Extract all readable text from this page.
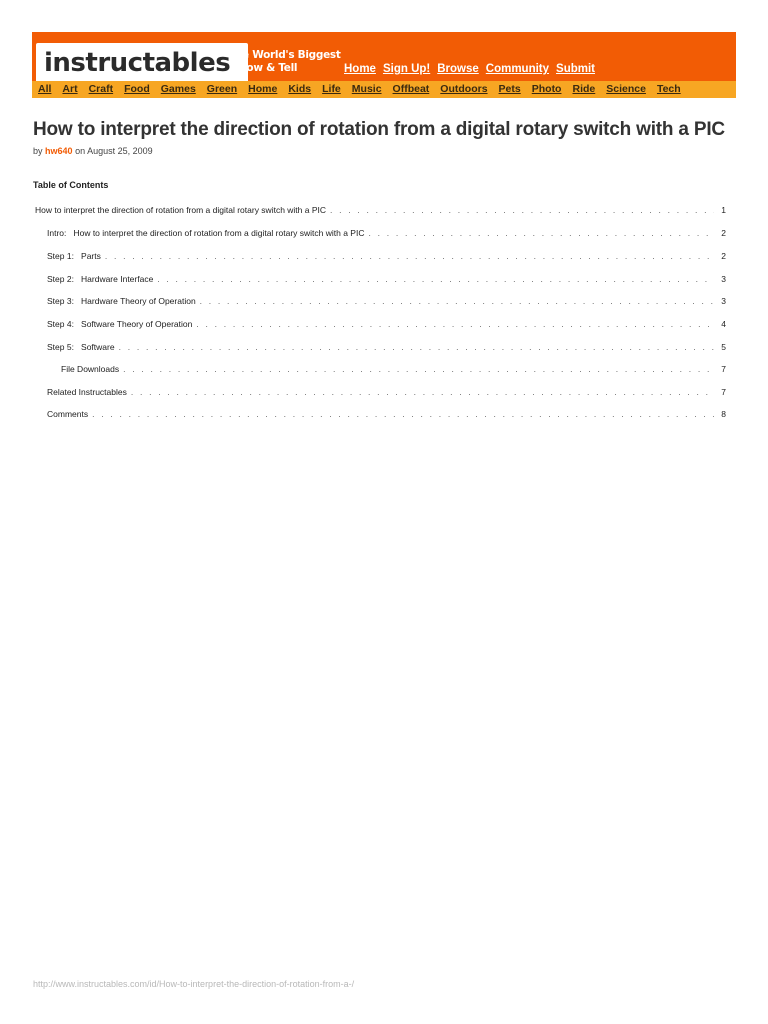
instructables
The World's Biggest
Show & Tell	Home Sign Up! Browse Community Submit
All Art Craft Food Games Green Home Kids Life Music Offbeat Outdoors Pets Photo Ride Science Tech
How to interpret the direction of rotation from a digital rotary switch with a PIC
by hw640 on August 25, 2009
Table of Contents
How to interpret the direction of rotation from a digital rotary switch with a PIC . . .	1
Intro:   How to interpret the direction of rotation from a digital rotary switch with a PIC . . .	2
Step 1:   Parts . . .	2
Step 2:   Hardware Interface . . .	3
Step 3:   Hardware Theory of Operation . . .	3
Step 4:   Software Theory of Operation . . .	4
Step 5:   Software . . .	5
File Downloads . . .	7
Related Instructables . . .	7
Comments . . .	8
http://www.instructables.com/id/How-to-interpret-the-direction-of-rotation-from-a-/
